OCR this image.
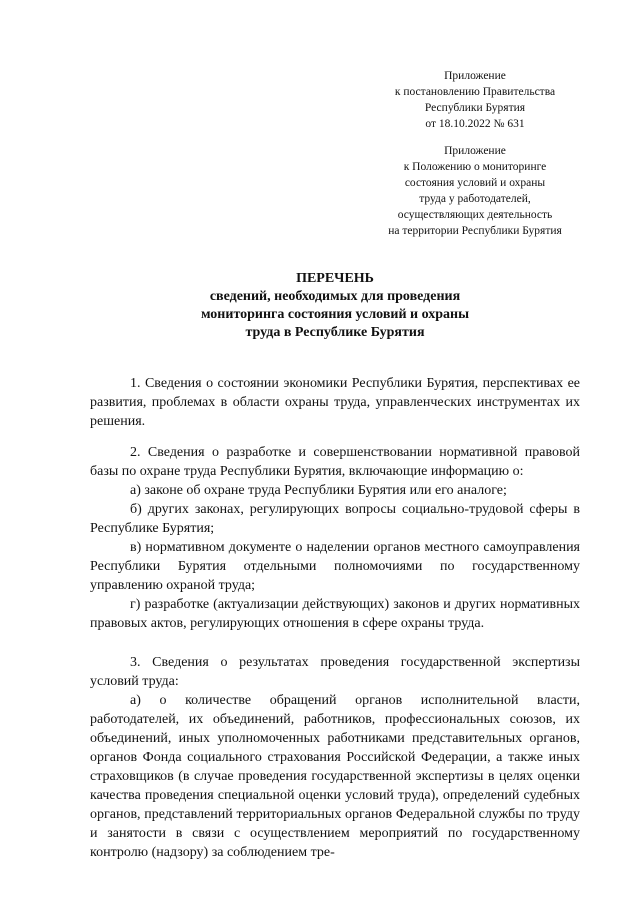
Приложение
к постановлению Правительства
Республики Бурятия
от 18.10.2022 № 631
Приложение
к Положению о мониторинге
состояния условий и охраны
труда у работодателей,
осуществляющих деятельность
на территории Республики Бурятия
ПЕРЕЧЕНЬ
сведений, необходимых для проведения
мониторинга состояния условий и охраны
труда в Республике Бурятия

1. Сведения о состоянии экономики Республики Бурятия, перспективах ее развития, проблемах в области охраны труда, управленческих инструментах их решения.

2. Сведения о разработке и совершенствовании нормативной правовой базы по охране труда Республики Бурятия, включающие информацию о:

а) законе об охране труда Республики Бурятия или его аналоге;

б) других законах, регулирующих вопросы социально-трудовой сферы в Республике Бурятия;

в) нормативном документе о наделении органов местного самоуправления Республики Бурятия отдельными полномочиями по государственному управлению охраной труда;

г) разработке (актуализации действующих) законов и других нормативных правовых актов, регулирующих отношения в сфере охраны труда.

3. Сведения о результатах проведения государственной экспертизы условий труда:

а) о количестве обращений органов исполнительной власти, работодателей, их объединений, работников, профессиональных союзов, их объединений, иных уполномоченных работниками представительных органов, органов Фонда социального страхования Российской Федерации, а также иных страховщиков (в случае проведения государственной экспертизы в целях оценки качества проведения специальной оценки условий труда), определений судебных органов, представлений территориальных органов Федеральной службы по труду и занятости в связи с осуществлением мероприятий по государственному контролю (надзору) за соблюдением тре-
